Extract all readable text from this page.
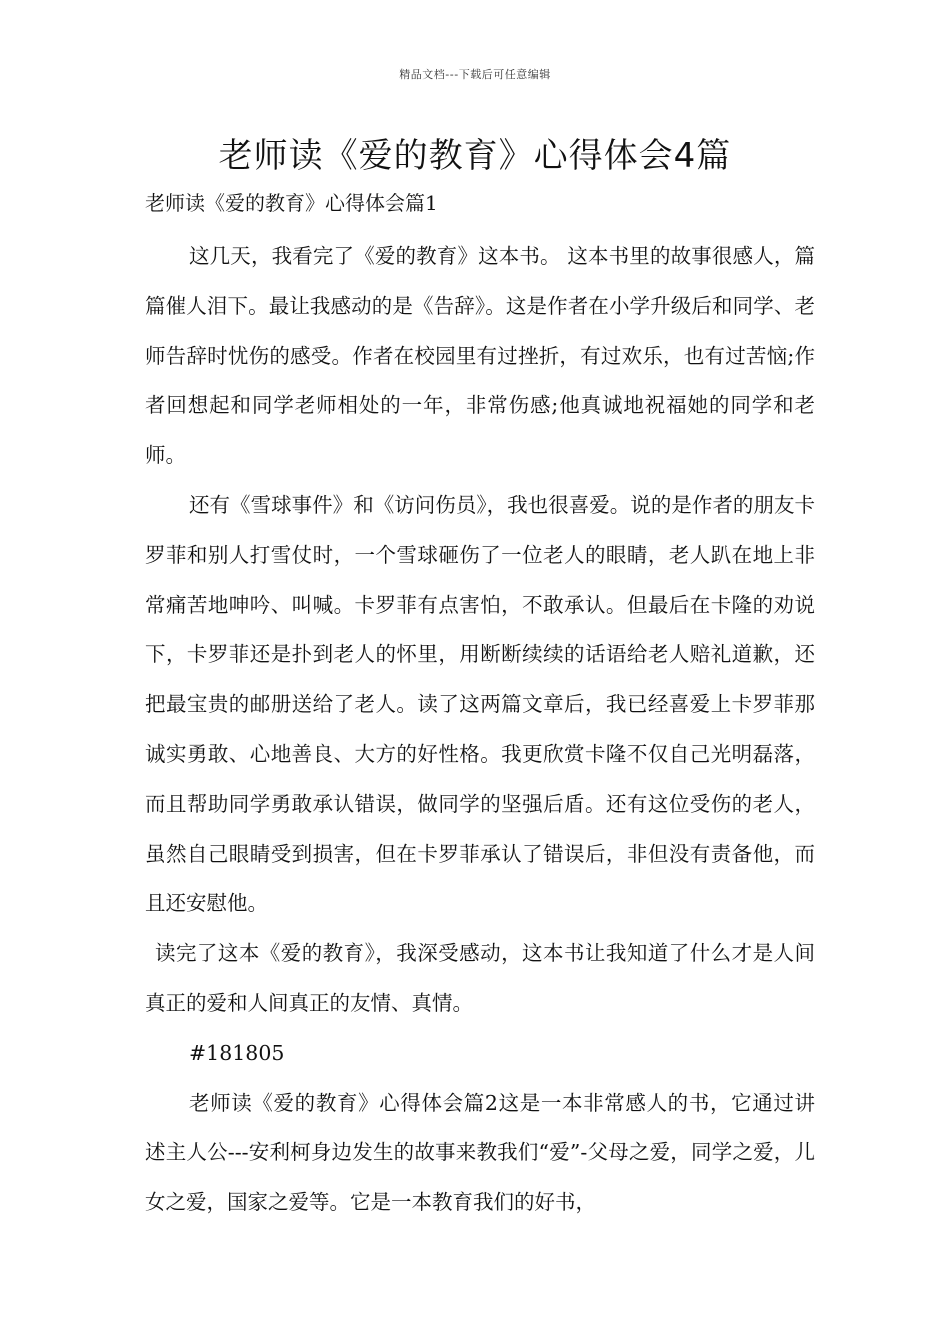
精品文档---下载后可任意编辑
老师读《爱的教育》心得体会4篇

老师读《爱的教育》心得体会篇1

这几天，我看完了《爱的教育》这本书。 这本书里的故事很感人，篇篇催人泪下。最让我感动的是《告辞》。这是作者在小学升级后和同学、老师告辞时忧伤的感受。作者在校园里有过挫折，有过欢乐，也有过苦恼;作者回想起和同学老师相处的一年，非常伤感;他真诚地祝福她的同学和老师。

还有《雪球事件》和《访问伤员》，我也很喜爱。说的是作者的朋友卡罗菲和别人打雪仗时，一个雪球砸伤了一位老人的眼睛，老人趴在地上非常痛苦地呻吟、叫喊。卡罗菲有点害怕，不敢承认。但最后在卡隆的劝说下，卡罗菲还是扑到老人的怀里，用断断续续的话语给老人赔礼道歉，还把最宝贵的邮册送给了老人。读了这两篇文章后，我已经喜爱上卡罗菲那诚实勇敢、心地善良、大方的好性格。我更欣赏卡隆不仅自己光明磊落，而且帮助同学勇敢承认错误，做同学的坚强后盾。还有这位受伤的老人，虽然自己眼睛受到损害，但在卡罗菲承认了错误后，非但没有责备他，而且还安慰他。

读完了这本《爱的教育》，我深受感动，这本书让我知道了什么才是人间真正的爱和人间真正的友情、真情。

#181805

老师读《爱的教育》心得体会篇2这是一本非常感人的书，它通过讲述主人公---安利柯身边发生的故事来教我们“爱”-父母之爱，同学之爱，儿女之爱，国家之爱等。它是一本教育我们的好书，
